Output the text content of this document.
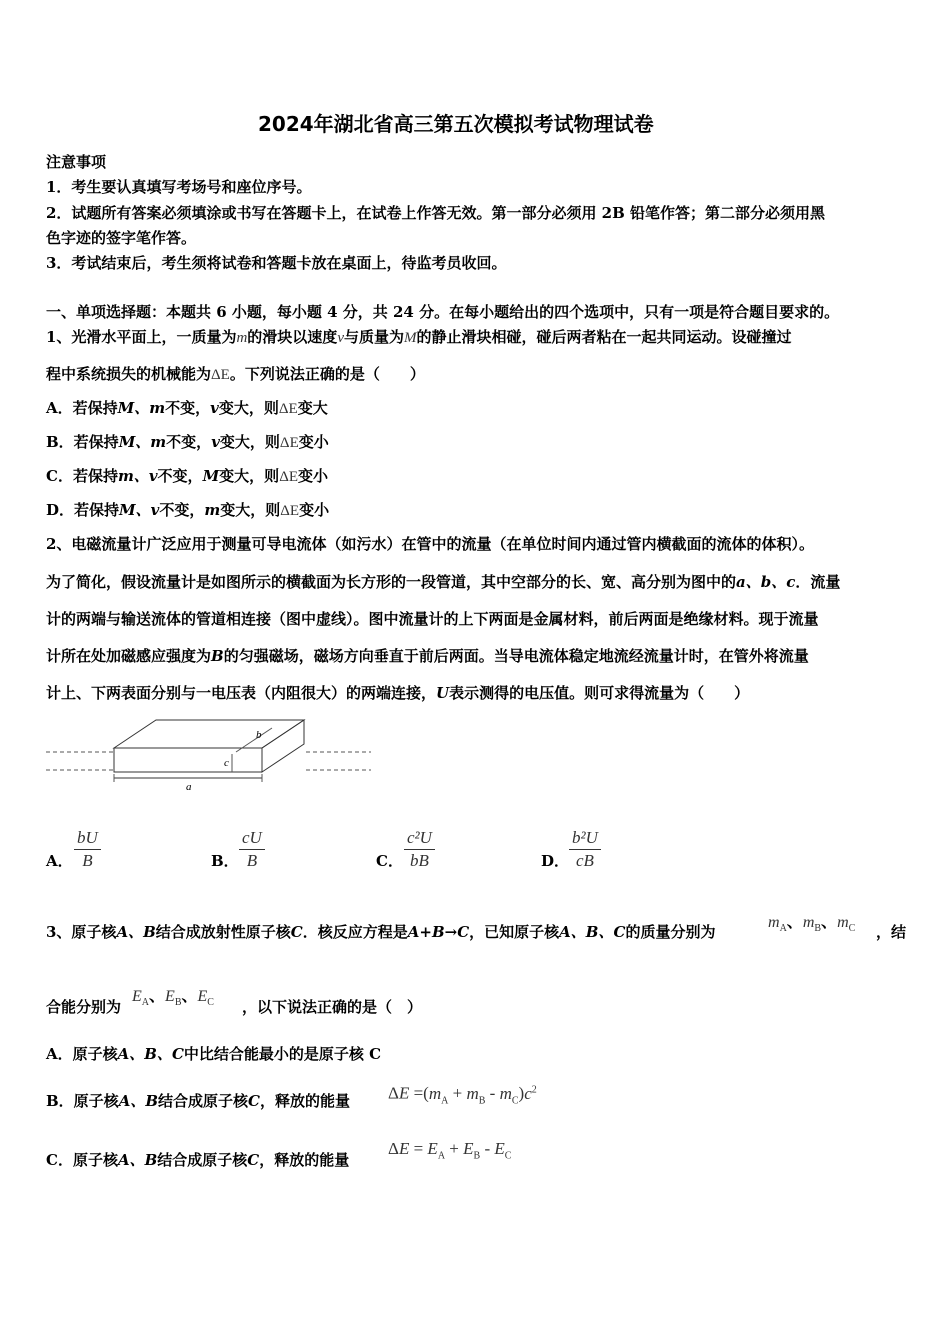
2024年湖北省高三第五次模拟考试物理试卷
注意事项
1．考生要认真填写考场号和座位序号。
2．试题所有答案必须填涂或书写在答题卡上，在试卷上作答无效。第一部分必须用 2B 铅笔作答；第二部分必须用黑
色字迹的签字笔作答。
3．考试结束后，考生须将试卷和答题卡放在桌面上，待监考员收回。
一、单项选择题：本题共 6 小题，每小题 4 分，共 24 分。在每小题给出的四个选项中，只有一项是符合题目要求的。
1、光滑水平面上，一质量为m的滑块以速度v与质量为M的静止滑块相碰，碰后两者粘在一起共同运动。设碰撞过
程中系统损失的机械能为ΔE。下列说法正确的是（　　）
A．若保持M、m不变，v变大，则ΔE变大
B．若保持M、m不变，v变大，则ΔE变小
C．若保持m、v不变，M变大，则ΔE变小
D．若保持M、v不变，m变大，则ΔE变小
2、电磁流量计广泛应用于测量可导电流体（如污水）在管中的流量（在单位时间内通过管内横截面的流体的体积）。
为了简化，假设流量计是如图所示的横截面为长方形的一段管道，其中空部分的长、宽、高分别为图中的a、b、c．流量
计的两端与输送流体的管道相连接（图中虚线）。图中流量计的上下两面是金属材料，前后两面是绝缘材料。现于流量
计所在处加磁感应强度为B的匀强磁场，磁场方向垂直于前后两面。当导电流体稳定地流经流量计时，在管外将流量
计上、下两表面分别与一电压表（内阻很大）的两端连接，U表示测得的电压值。则可求得流量为（　　）
b
c
a
A． $\frac{bU}{B}$	B． $\frac{cU}{B}$	C． $\frac{\text{c²U}}{bB}$	D． $\frac{\text{b²U}}{cB}$
3、原子核A、B结合成放射性原子核C．核反应方程是A+B→C，已知原子核A、B、C的质量分别为
$m_A$、$m_B$、$m_C$ ，结
合能分别为
$E_A$、$E_B$、$E_C$ ，以下说法正确的是（　）
A．原子核A、B、C中比结合能最小的是原子核 C
B．原子核A、B结合成原子核C，释放的能量 $\Delta E =(m_A + m_B - m_C)c^2$
C．原子核A、B结合成原子核C，释放的能量
$\Delta E = E_A + E_B - E_C$
